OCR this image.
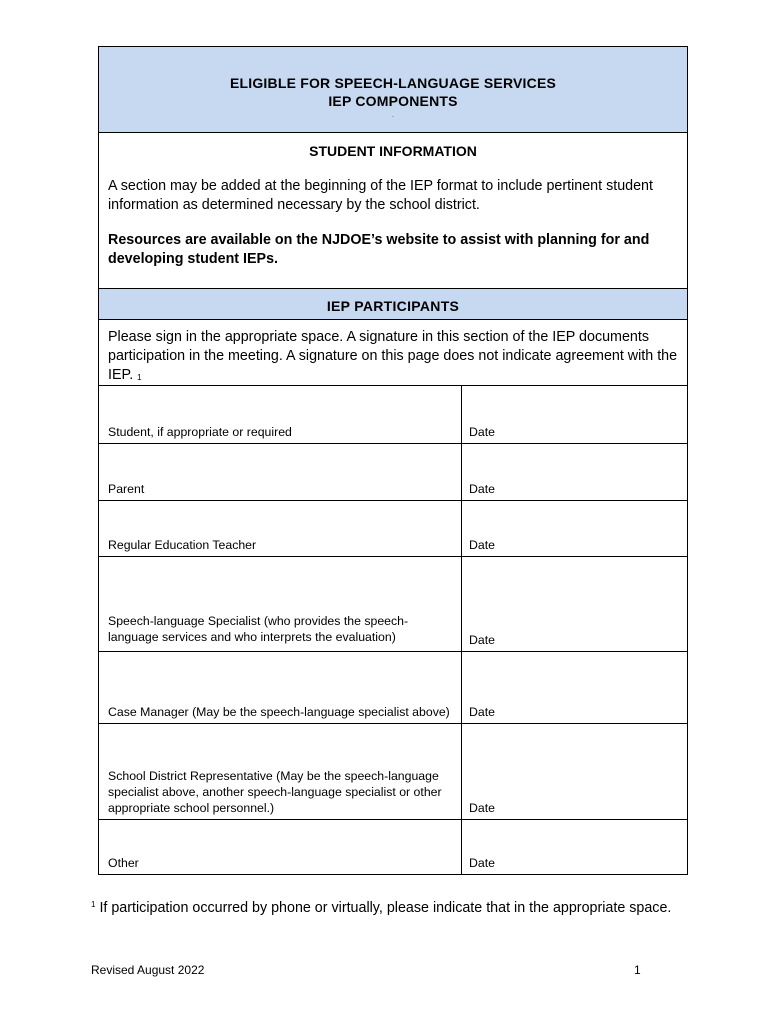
ELIGIBLE FOR SPEECH-LANGUAGE SERVICES
IEP COMPONENTS
.
STUDENT INFORMATION
A section may be added at the beginning of the IEP format to include pertinent student information as determined necessary by the school district.
Resources are available on the NJDOE’s website to assist with planning for and developing student IEPs.
IEP PARTICIPANTS
Please sign in the appropriate space. A signature in this section of the IEP documents participation in the meeting. A signature on this page does not indicate agreement with the IEP. $^1$
Student, if appropriate or required	Date
Parent	Date
Regular Education Teacher	Date
Speech-language Specialist (who provides the speech-language services and who interprets the evaluation)	Date
Case Manager (May be the speech-language specialist above) Date
School District Representative (May be the speech-language specialist above, another speech-language specialist or other appropriate school personnel.)	Date
Other	Date
$^1$ If participation occurred by phone or virtually, please indicate that in the appropriate space.
Revised August 2022	1
